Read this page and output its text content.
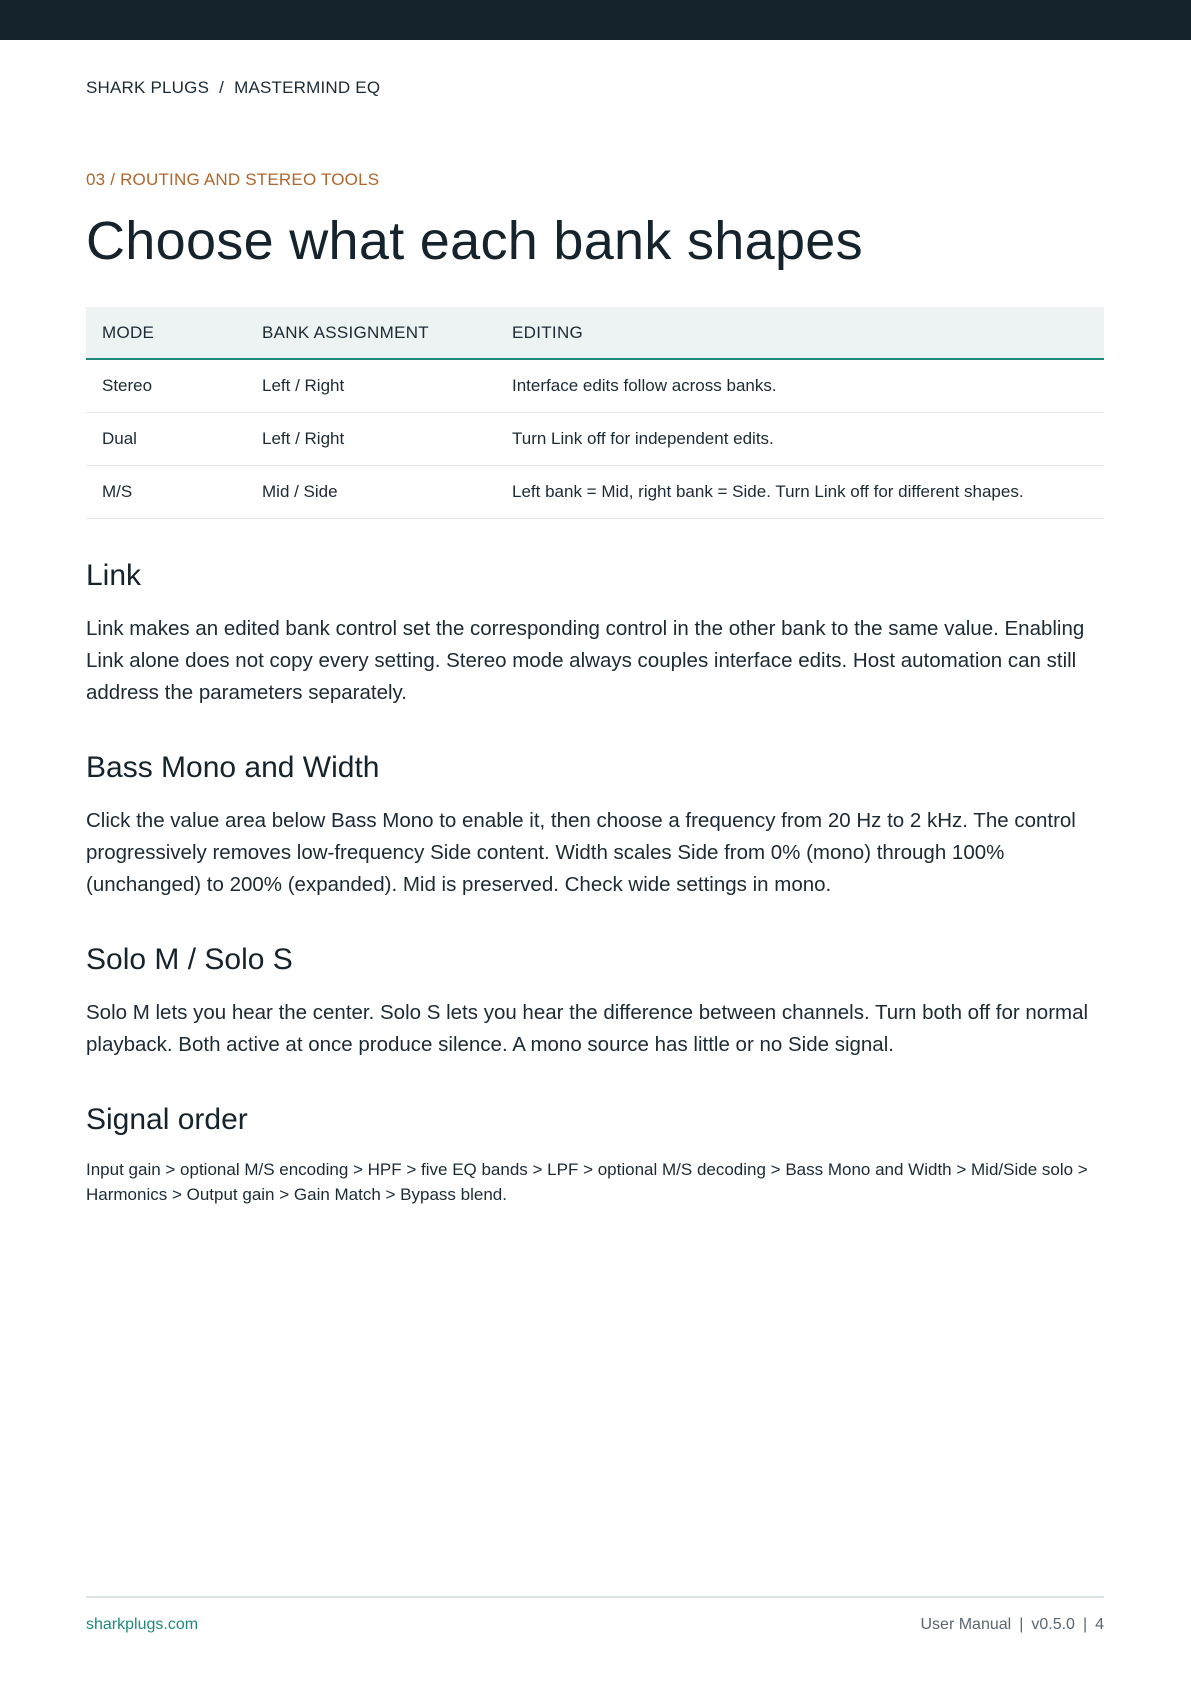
SHARK PLUGS / MASTERMIND EQ
03 / ROUTING AND STEREO TOOLS
Choose what each bank shapes
MODE	BANK ASSIGNMENT	EDITING
Stereo	Left / Right	Interface edits follow across banks.
Dual	Left / Right	Turn Link off for independent edits.
M/S	Mid / Side	Left bank = Mid, right bank = Side. Turn Link off for different shapes.
Link

Link makes an edited bank control set the corresponding control in the other bank to the same value. Enabling Link alone does not copy every setting. Stereo mode always couples interface edits. Host automation can still address the parameters separately.

Bass Mono and Width

Click the value area below Bass Mono to enable it, then choose a frequency from 20 Hz to 2 kHz. The control progressively removes low-frequency Side content. Width scales Side from 0% (mono) through 100% (unchanged) to 200% (expanded). Mid is preserved. Check wide settings in mono.

Solo M / Solo S

Solo M lets you hear the center. Solo S lets you hear the difference between channels. Turn both off for normal playback. Both active at once produce silence. A mono source has little or no Side signal.

Signal order

Input gain > optional M/S encoding > HPF > five EQ bands > LPF > optional M/S decoding > Bass Mono and Width > Mid/Side solo > Harmonics > Output gain > Gain Match > Bypass blend.

sharkplugs.com	User Manual | v0.5.0 | 4
